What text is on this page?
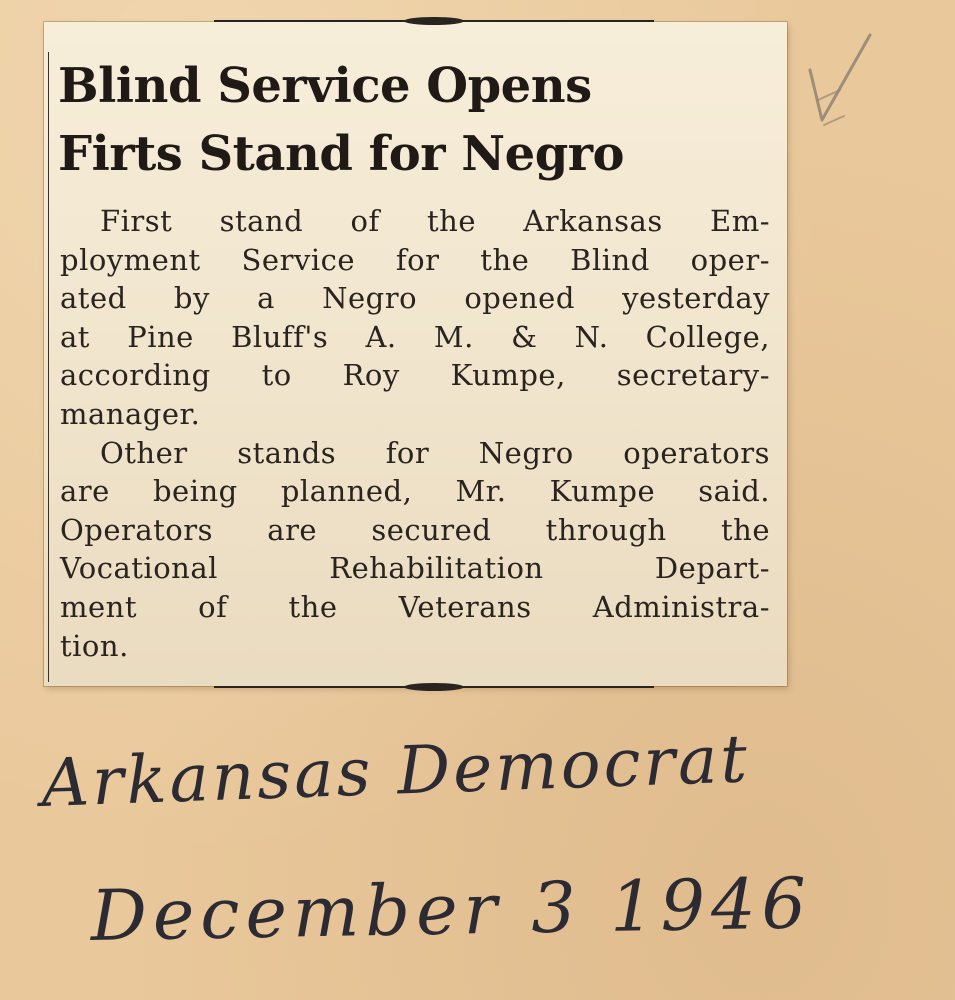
Blind Service Opens
Firts Stand for Negro
First stand of the Arkansas Em-
ployment Service for the Blind oper-
ated by a Negro opened yesterday
at Pine Bluff's A. M. & N. College,
according to Roy Kumpe, secretary-
manager.
Other stands for Negro operators
are being planned, Mr. Kumpe said.
Operators are secured through the
Vocational Rehabilitation Depart-
ment of the Veterans Administra-
tion.
Arkansas Democrat
December 3 1946
